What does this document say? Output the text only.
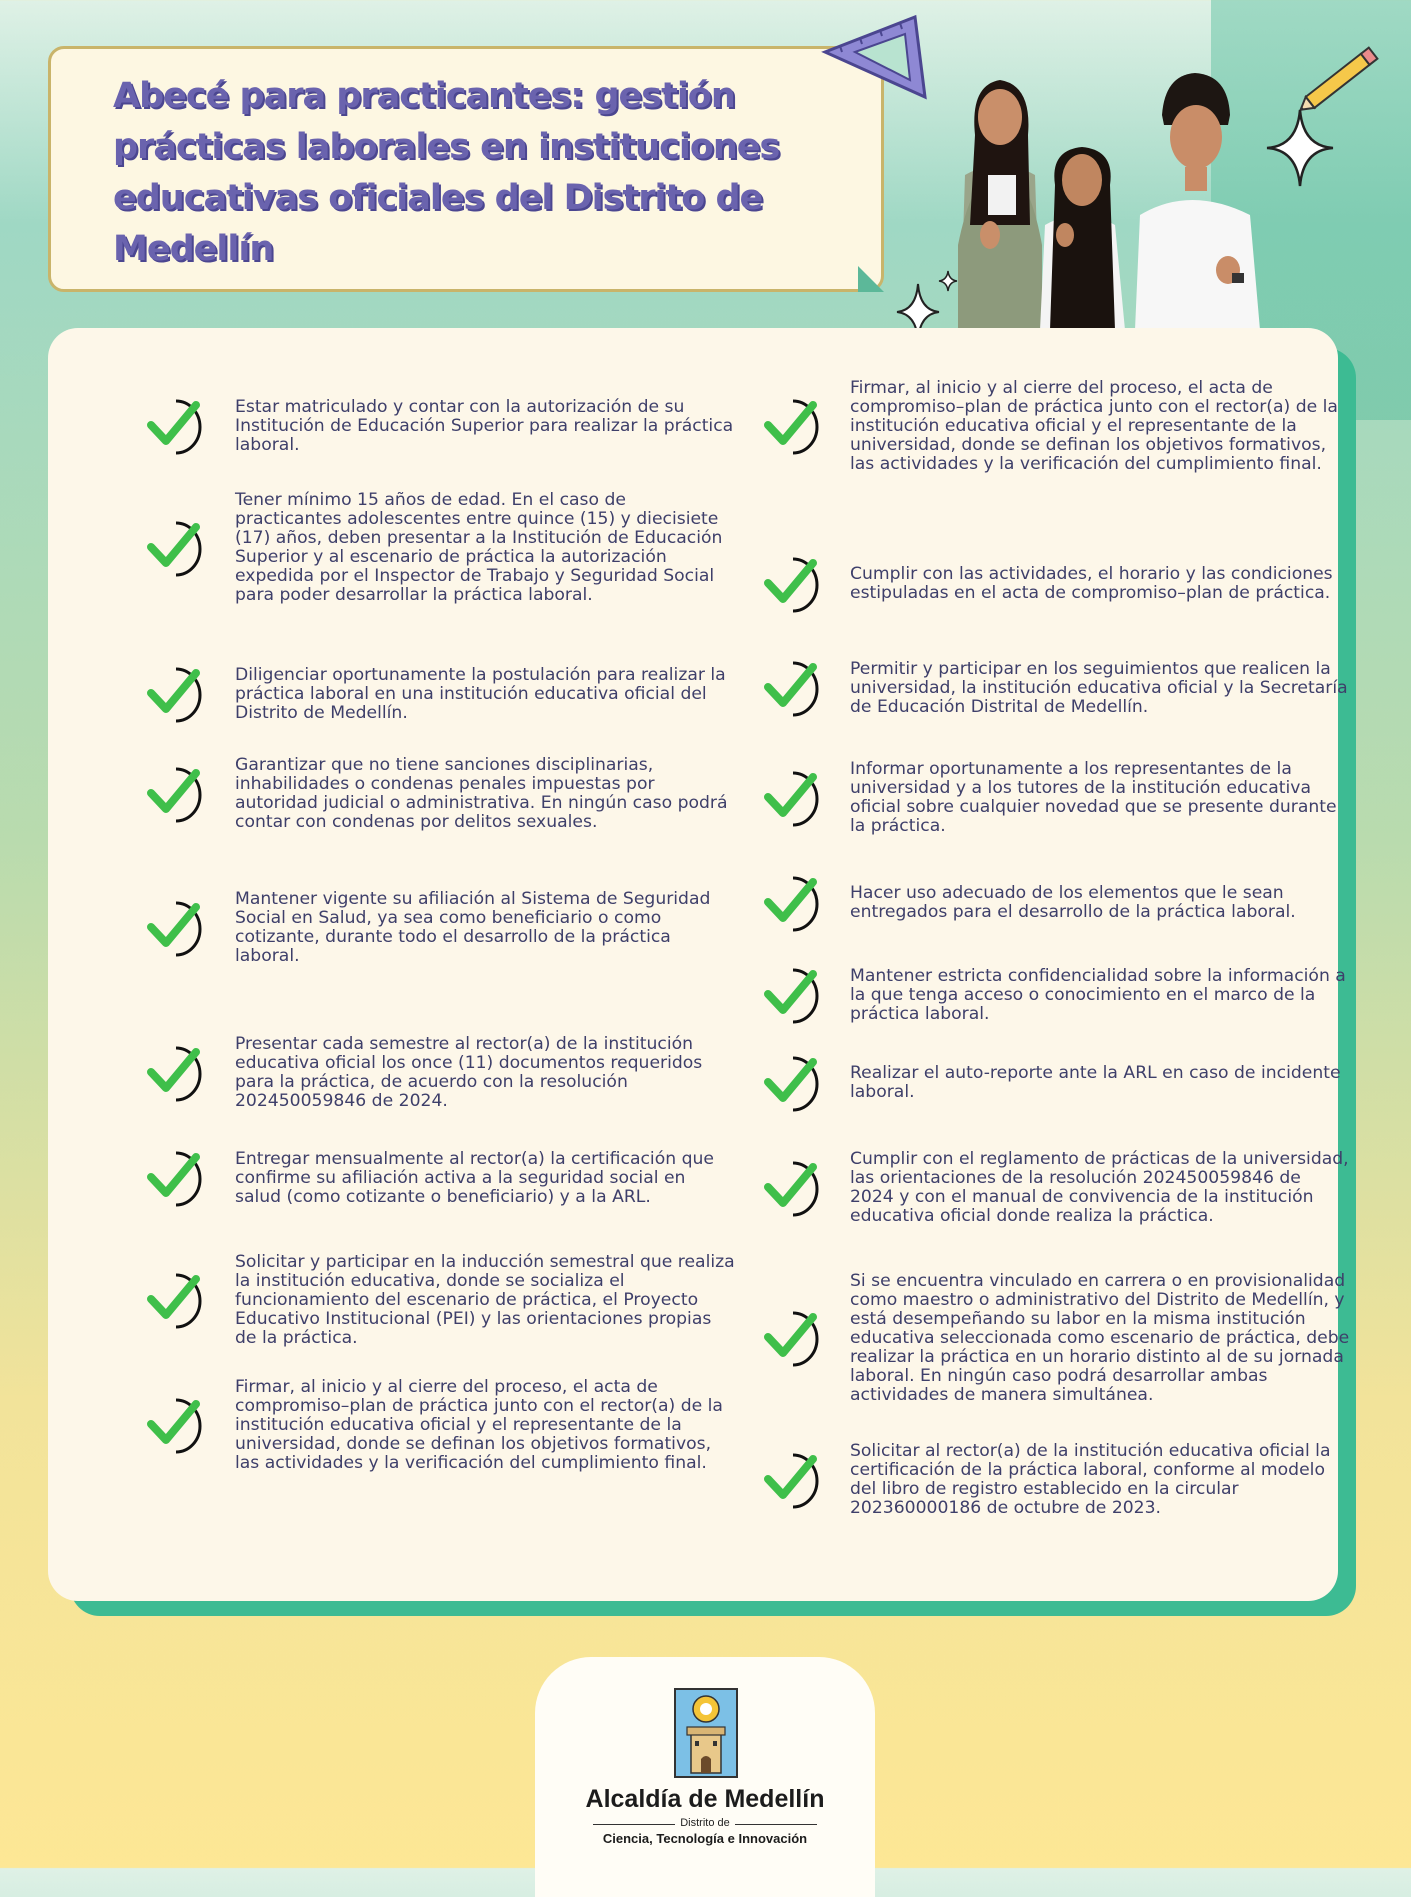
Abecé para practicantes: gestión prácticas laborales en instituciones educativas oficiales del Distrito de Medellín

Estar matriculado y contar con la autorización de su Institución de Educación Superior para realizar la práctica laboral.

Tener mínimo 15 años de edad. En el caso de practicantes adolescentes entre quince (15) y diecisiete (17) años, deben presentar a la Institución de Educación Superior y al escenario de práctica la autorización expedida por el Inspector de Trabajo y Seguridad Social para poder desarrollar la práctica laboral.

Diligenciar oportunamente la postulación para realizar la práctica laboral en una institución educativa oficial del Distrito de Medellín.

Garantizar que no tiene sanciones disciplinarias, inhabilidades o condenas penales impuestas por autoridad judicial o administrativa. En ningún caso podrá contar con condenas por delitos sexuales.

Mantener vigente su afiliación al Sistema de Seguridad Social en Salud, ya sea como beneficiario o como cotizante, durante todo el desarrollo de la práctica laboral.

Presentar cada semestre al rector(a) de la institución educativa oficial los once (11) documentos requeridos para la práctica, de acuerdo con la resolución 202450059846 de 2024.

Entregar mensualmente al rector(a) la certificación que confirme su afiliación activa a la seguridad social en salud (como cotizante o beneficiario) y a la ARL.

Solicitar y participar en la inducción semestral que realiza la institución educativa, donde se socializa el funcionamiento del escenario de práctica, el Proyecto Educativo Institucional (PEI) y las orientaciones propias de la práctica.

Firmar, al inicio y al cierre del proceso, el acta de compromiso–plan de práctica junto con el rector(a) de la institución educativa oficial y el representante de la universidad, donde se definan los objetivos formativos, las actividades y la verificación del cumplimiento final.

Firmar, al inicio y al cierre del proceso, el acta de compromiso–plan de práctica junto con el rector(a) de la institución educativa oficial y el representante de la universidad, donde se definan los objetivos formativos, las actividades y la verificación del cumplimiento final.

Cumplir con las actividades, el horario y las condiciones estipuladas en el acta de compromiso–plan de práctica.

Permitir y participar en los seguimientos que realicen la universidad, la institución educativa oficial y la Secretaría de Educación Distrital de Medellín.

Informar oportunamente a los representantes de la universidad y a los tutores de la institución educativa oficial sobre cualquier novedad que se presente durante la práctica.

Hacer uso adecuado de los elementos que le sean entregados para el desarrollo de la práctica laboral.

Mantener estricta confidencialidad sobre la información a la que tenga acceso o conocimiento en el marco de la práctica laboral.

Realizar el auto-reporte ante la ARL en caso de incidente laboral.

Cumplir con el reglamento de prácticas de la universidad, las orientaciones de la resolución 202450059846 de 2024 y con el manual de convivencia de la institución educativa oficial donde realiza la práctica.

Si se encuentra vinculado en carrera o en provisionalidad como maestro o administrativo del Distrito de Medellín, y está desempeñando su labor en la misma institución educativa seleccionada como escenario de práctica, debe realizar la práctica en un horario distinto al de su jornada laboral. En ningún caso podrá desarrollar ambas actividades de manera simultánea.

Solicitar al rector(a) de la institución educativa oficial la certificación de la práctica laboral, conforme al modelo del libro de registro establecido en la circular 202360000186 de octubre de 2023.

Alcaldía de Medellín
Distrito de
Ciencia, Tecnología e Innovación
